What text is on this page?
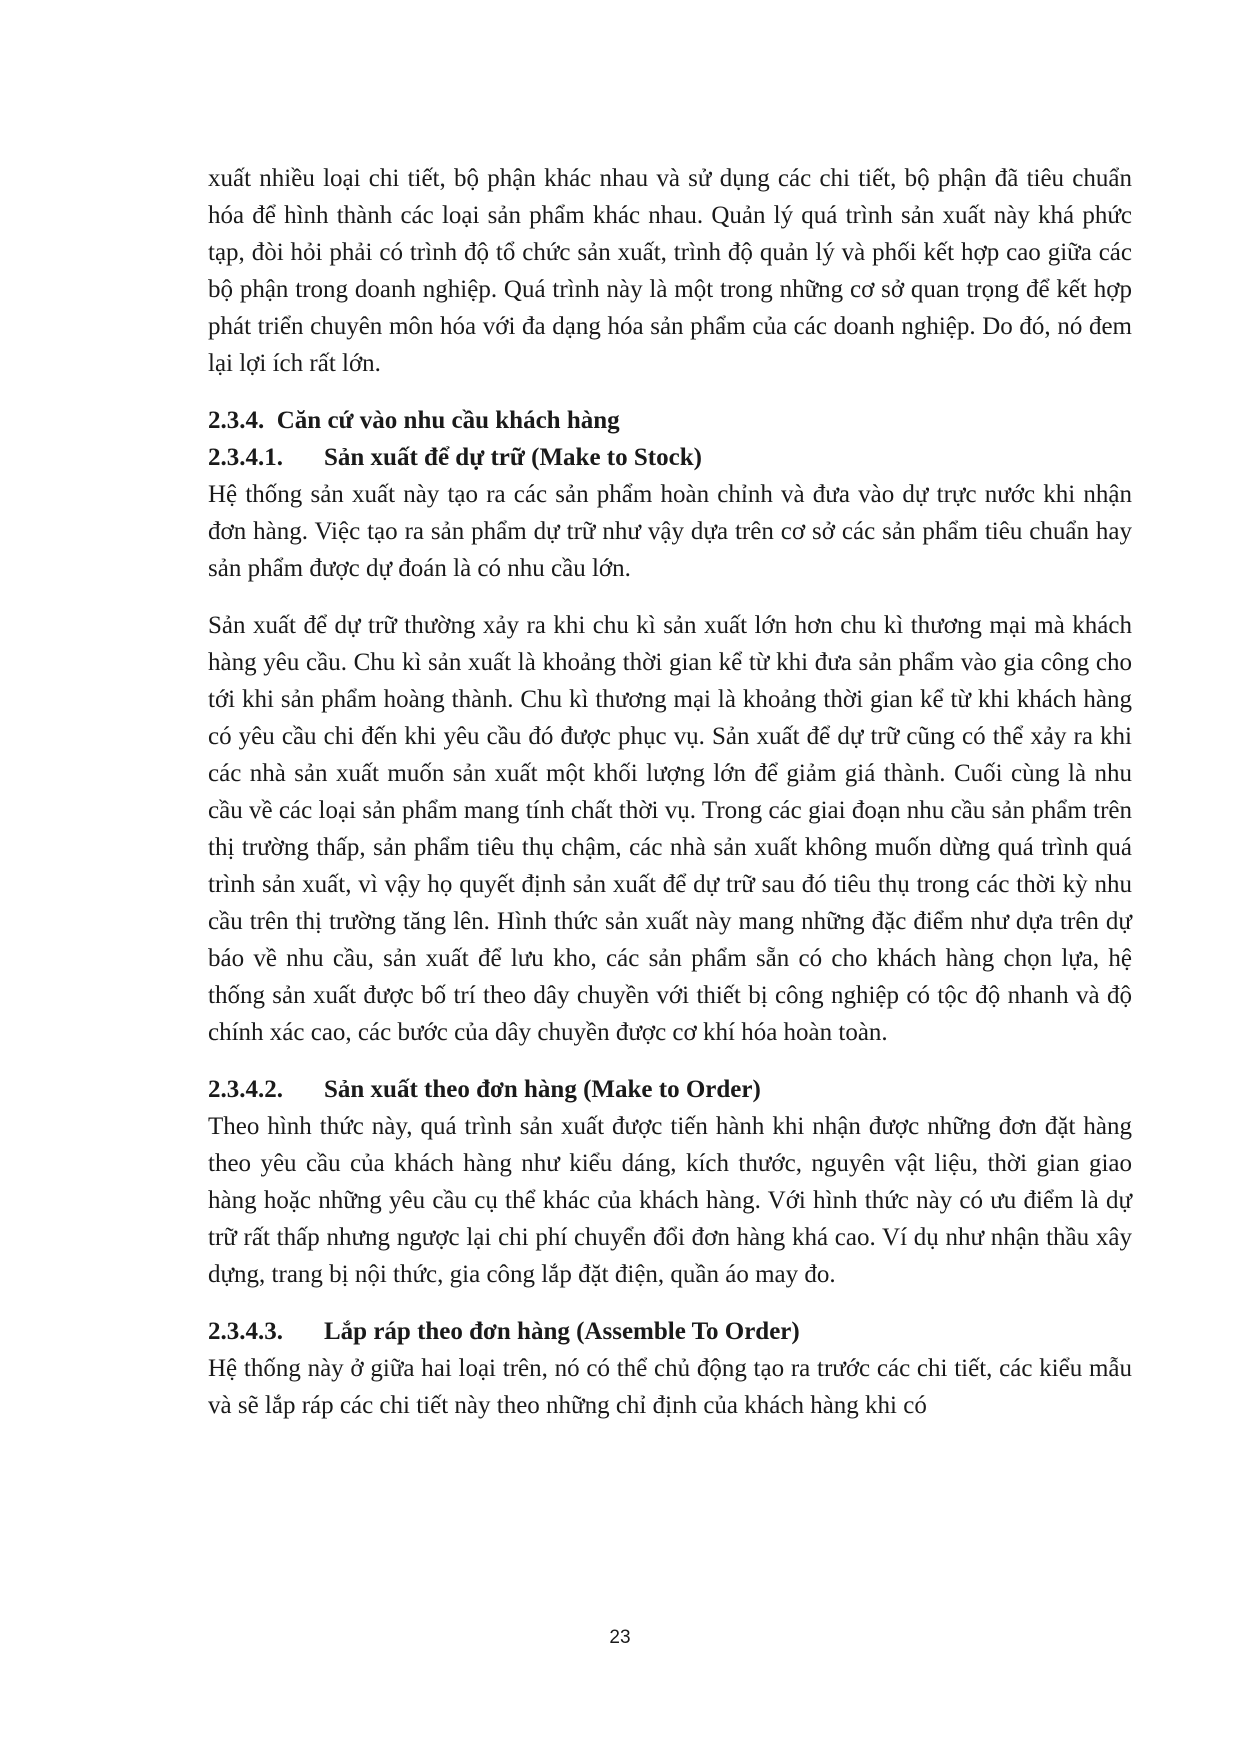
xuất nhiều loại chi tiết, bộ phận khác nhau và sử dụng các chi tiết, bộ phận đã tiêu chuẩn hóa để hình thành các loại sản phẩm khác nhau. Quản lý quá trình sản xuất này khá phức tạp, đòi hỏi phải có trình độ tổ chức sản xuất, trình độ quản lý và phối kết hợp cao giữa các bộ phận trong doanh nghiệp. Quá trình này là một trong những cơ sở quan trọng để kết hợp phát triển chuyên môn hóa với đa dạng hóa sản phẩm của các doanh nghiệp. Do đó, nó đem lại lợi ích rất lớn.

2.3.4. Căn cứ vào nhu cầu khách hàng
2.3.4.1.	Sản xuất để dự trữ (Make to Stock)

Hệ thống sản xuất này tạo ra các sản phẩm hoàn chỉnh và đưa vào dự trực nước khi nhận đơn hàng. Việc tạo ra sản phẩm dự trữ như vậy dựa trên cơ sở các sản phẩm tiêu chuẩn hay sản phẩm được dự đoán là có nhu cầu lớn.

Sản xuất để dự trữ thường xảy ra khi chu kì sản xuất lớn hơn chu kì thương mại mà khách hàng yêu cầu. Chu kì sản xuất là khoảng thời gian kể từ khi đưa sản phẩm vào gia công cho tới khi sản phẩm hoàng thành. Chu kì thương mại là khoảng thời gian kể từ khi khách hàng có yêu cầu chi đến khi yêu cầu đó được phục vụ. Sản xuất để dự trữ cũng có thể xảy ra khi các nhà sản xuất muốn sản xuất một khối lượng lớn để giảm giá thành. Cuối cùng là nhu cầu về các loại sản phẩm mang tính chất thời vụ. Trong các giai đoạn nhu cầu sản phẩm trên thị trường thấp, sản phẩm tiêu thụ chậm, các nhà sản xuất không muốn dừng quá trình quá trình sản xuất, vì vậy họ quyết định sản xuất để dự trữ sau đó tiêu thụ trong các thời kỳ nhu cầu trên thị trường tăng lên. Hình thức sản xuất này mang những đặc điểm như dựa trên dự báo về nhu cầu, sản xuất để lưu kho, các sản phẩm sẵn có cho khách hàng chọn lựa, hệ thống sản xuất được bố trí theo dây chuyền với thiết bị công nghiệp có tộc độ nhanh và độ chính xác cao, các bước của dây chuyền được cơ khí hóa hoàn toàn.

2.3.4.2.	Sản xuất theo đơn hàng (Make to Order)

Theo hình thức này, quá trình sản xuất được tiến hành khi nhận được những đơn đặt hàng theo yêu cầu của khách hàng như kiểu dáng, kích thước, nguyên vật liệu, thời gian giao hàng hoặc những yêu cầu cụ thể khác của khách hàng. Với hình thức này có ưu điểm là dự trữ rất thấp nhưng ngược lại chi phí chuyển đổi đơn hàng khá cao. Ví dụ như nhận thầu xây dựng, trang bị nội thức, gia công lắp đặt điện, quần áo may đo.

2.3.4.3.	Lắp ráp theo đơn hàng (Assemble To Order)

Hệ thống này ở giữa hai loại trên, nó có thể chủ động tạo ra trước các chi tiết, các kiểu mẫu và sẽ lắp ráp các chi tiết này theo những chỉ định của khách hàng khi có

23
